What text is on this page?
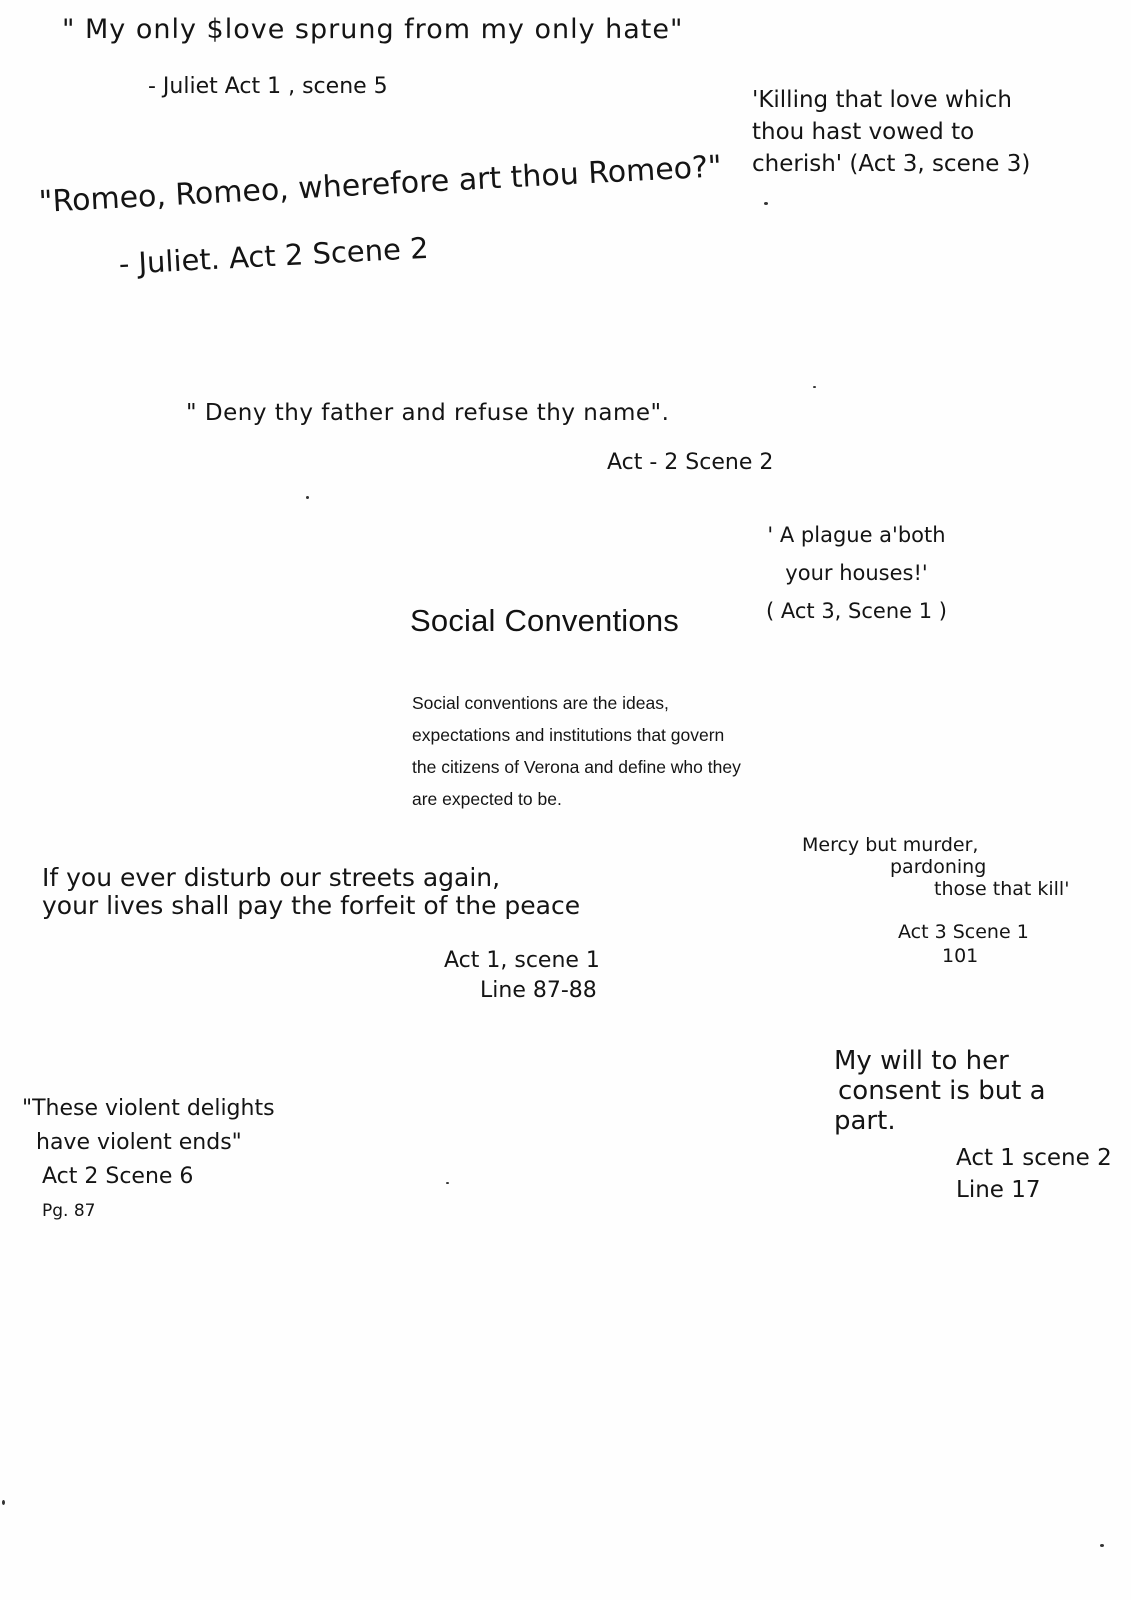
" My only $love sprung from my only hate"
- Juliet Act 1 , scene 5
'Killing that love which
thou hast vowed to
cherish' (Act 3, scene 3)
"Romeo, Romeo, wherefore art thou Romeo?"
- Juliet. Act 2 Scene 2
" Deny thy father and refuse thy name".
Act - 2 Scene 2
' A plague a'both
your houses!'
( Act 3, Scene 1 )
Social Conventions
Social conventions are the ideas, expectations and institutions that govern the citizens of Verona and define who they are expected to be.
If you ever disturb our streets again,
your lives shall pay the forfeit of the peace
Act 1, scene 1
Line 87-88
Mercy but murder,
pardoning
those that kill'
Act 3 Scene 1
101
"These violent delights
have violent ends"
Act 2 Scene 6
Pg. 87
My will to her
consent is but a
part.
Act 1 scene 2
Line 17
